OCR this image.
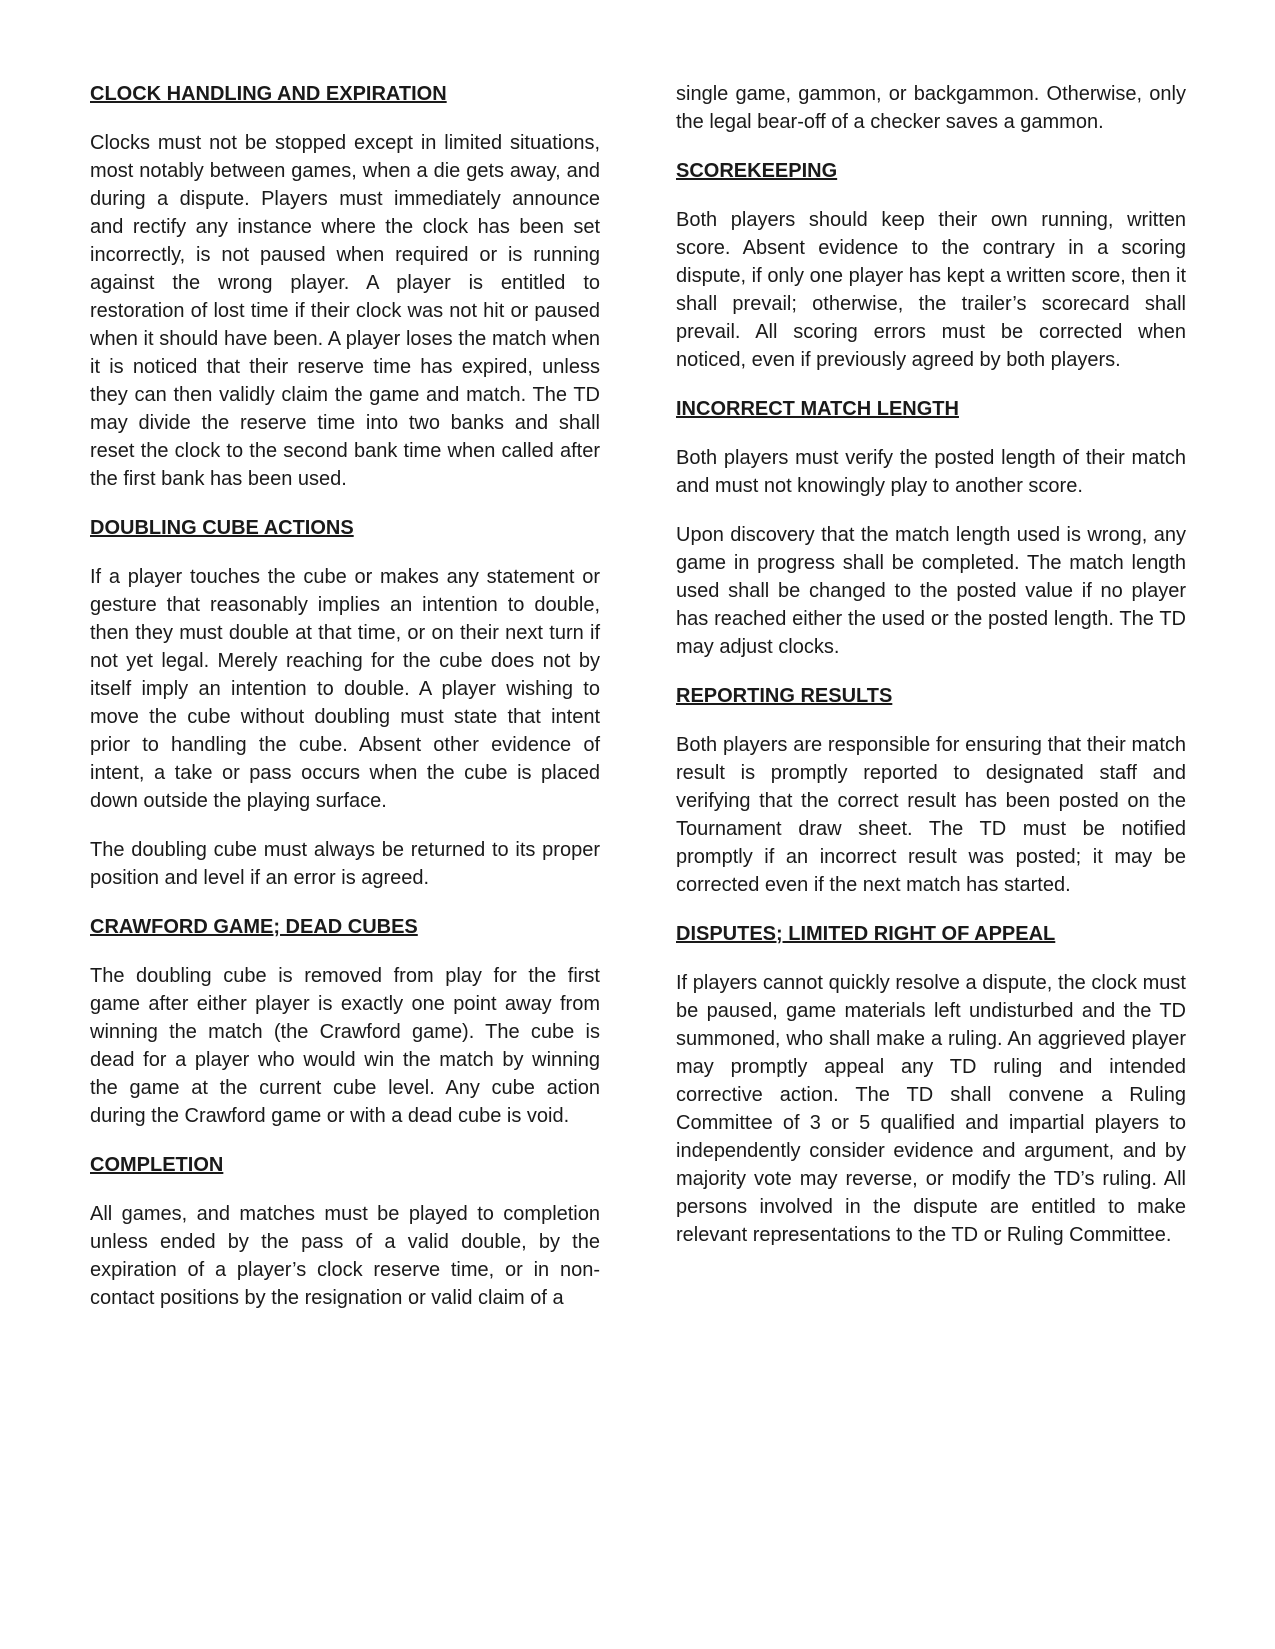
CLOCK HANDLING AND EXPIRATION
Clocks must not be stopped except in limited situations, most notably between games, when a die gets away, and during a dispute. Players must immediately announce and rectify any instance where the clock has been set incorrectly, is not paused when required or is running against the wrong player. A player is entitled to restoration of lost time if their clock was not hit or paused when it should have been. A player loses the match when it is noticed that their reserve time has expired, unless they can then validly claim the game and match. The TD may divide the reserve time into two banks and shall reset the clock to the second bank time when called after the first bank has been used.
DOUBLING CUBE ACTIONS
If a player touches the cube or makes any statement or gesture that reasonably implies an intention to double, then they must double at that time, or on their next turn if not yet legal. Merely reaching for the cube does not by itself imply an intention to double. A player wishing to move the cube without doubling must state that intent prior to handling the cube. Absent other evidence of intent, a take or pass occurs when the cube is placed down outside the playing surface.
The doubling cube must always be returned to its proper position and level if an error is agreed.
CRAWFORD GAME; DEAD CUBES
The doubling cube is removed from play for the first game after either player is exactly one point away from winning the match (the Crawford game). The cube is dead for a player who would win the match by winning the game at the current cube level. Any cube action during the Crawford game or with a dead cube is void.
COMPLETION
All games, and matches must be played to completion unless ended by the pass of a valid double, by the expiration of a player’s clock reserve time, or in non-contact positions by the resignation or valid claim of a
single game, gammon, or backgammon. Otherwise, only the legal bear-off of a checker saves a gammon.
SCOREKEEPING
Both players should keep their own running, written score. Absent evidence to the contrary in a scoring dispute, if only one player has kept a written score, then it shall prevail; otherwise, the trailer’s scorecard shall prevail. All scoring errors must be corrected when noticed, even if previously agreed by both players.
INCORRECT MATCH LENGTH
Both players must verify the posted length of their match and must not knowingly play to another score.
Upon discovery that the match length used is wrong, any game in progress shall be completed. The match length used shall be changed to the posted value if no player has reached either the used or the posted length. The TD may adjust clocks.
REPORTING RESULTS
Both players are responsible for ensuring that their match result is promptly reported to designated staff and verifying that the correct result has been posted on the Tournament draw sheet. The TD must be notified promptly if an incorrect result was posted; it may be corrected even if the next match has started.
DISPUTES; LIMITED RIGHT OF APPEAL
If players cannot quickly resolve a dispute, the clock must be paused, game materials left undisturbed and the TD summoned, who shall make a ruling. An aggrieved player may promptly appeal any TD ruling and intended corrective action. The TD shall convene a Ruling Committee of 3 or 5 qualified and impartial players to independently consider evidence and argument, and by majority vote may reverse, or modify the TD’s ruling. All persons involved in the dispute are entitled to make relevant representations to the TD or Ruling Committee.
